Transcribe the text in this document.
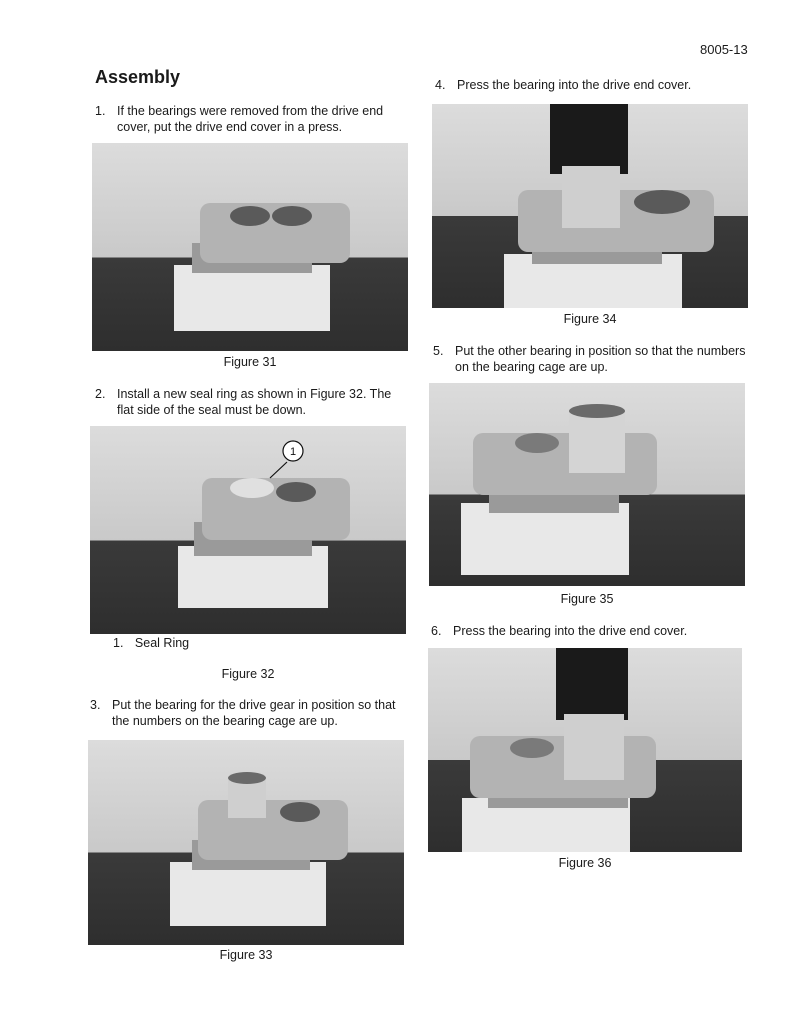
8005-13
Assembly
1. If the bearings were removed from the drive end cover, put the drive end cover in a press.
Figure 31
2. Install a new seal ring as shown in Figure 32. The flat side of the seal must be down.
1
1. Seal Ring
Figure 32
3. Put the bearing for the drive gear in position so that the numbers on the bearing cage are up.
Figure 33
4. Press the bearing into the drive end cover.
Figure 34
5. Put the other bearing in position so that the numbers on the bearing cage are up.
Figure 35
6. Press the bearing into the drive end cover.
Figure 36
